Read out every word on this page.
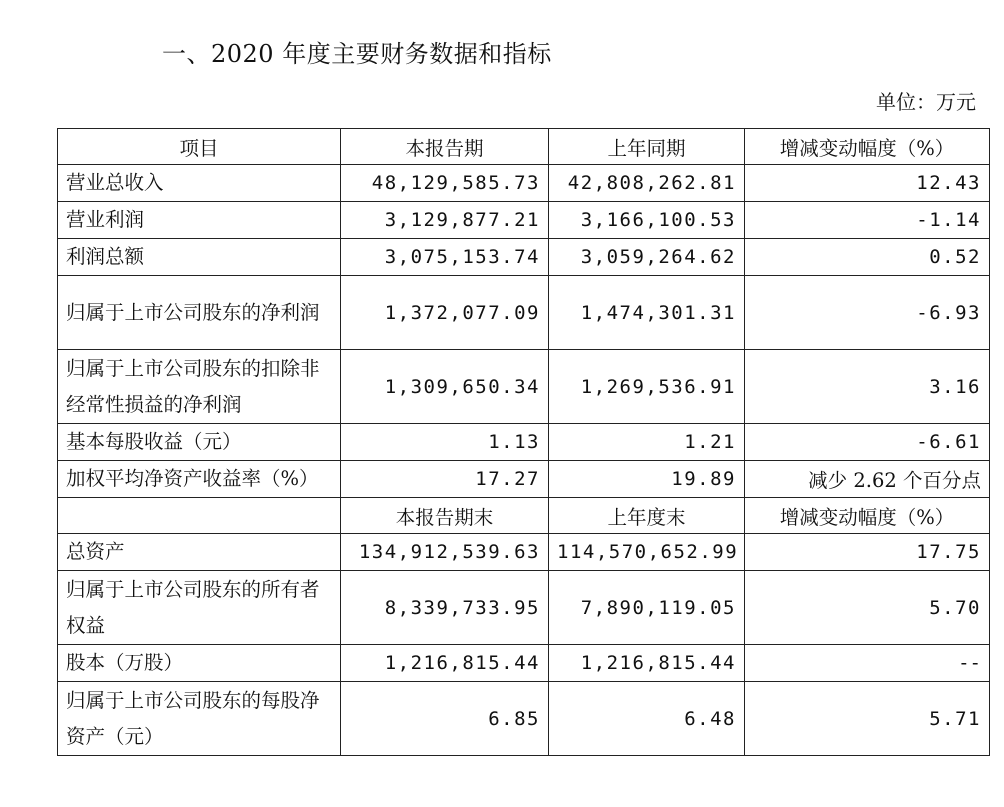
一、2020 年度主要财务数据和指标
单位：万元
项目	本报告期	上年同期	增减变动幅度（%）
营业总收入	48,129,585.73	42,808,262.81	12.43
营业利润	3,129,877.21	3,166,100.53	-1.14
利润总额	3,075,153.74	3,059,264.62	0.52
归属于上市公司股东的净利润	1,372,077.09	1,474,301.31	-6.93
归属于上市公司股东的扣除非经常性损益的净利润	1,309,650.34	1,269,536.91	3.16
基本每股收益（元）	1.13	1.21	-6.61
加权平均净资产收益率（%）	17.27	19.89	减少 2.62 个百分点
	本报告期末	上年度末	增减变动幅度（%）
总资产	134,912,539.63	114,570,652.99	17.75
归属于上市公司股东的所有者权益	8,339,733.95	7,890,119.05	5.70
股本（万股）	1,216,815.44	1,216,815.44	--
归属于上市公司股东的每股净资产（元）	6.85	6.48	5.71
